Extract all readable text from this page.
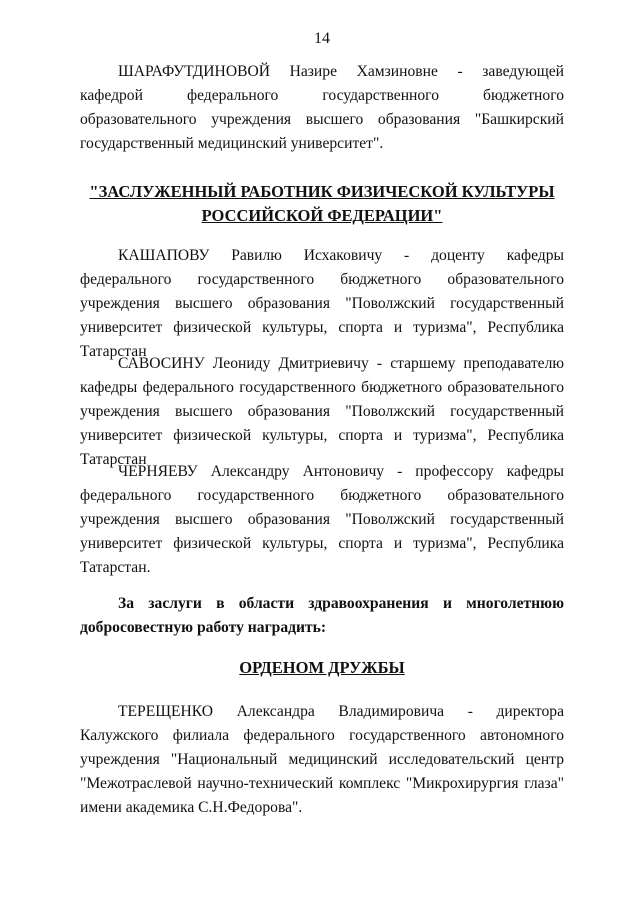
14

ШАРАФУТДИНОВОЙ Назире Хамзиновне - заведующей кафедрой федерального государственного бюджетного образовательного учреждения высшего образования "Башкирский государственный медицинский университет".

"ЗАСЛУЖЕННЫЙ РАБОТНИК ФИЗИЧЕСКОЙ КУЛЬТУРЫ
РОССИЙСКОЙ ФЕДЕРАЦИИ"

КАШАПОВУ Равилю Исхаковичу - доценту кафедры федерального государственного бюджетного образовательного учреждения высшего образования "Поволжский государственный университет физической культуры, спорта и туризма", Республика Татарстан

САВОСИНУ Леониду Дмитриевичу - старшему преподавателю кафедры федерального государственного бюджетного образовательного учреждения высшего образования "Поволжский государственный университет физической культуры, спорта и туризма", Республика Татарстан

ЧЕРНЯЕВУ Александру Антоновичу - профессору кафедры федерального государственного бюджетного образовательного учреждения высшего образования "Поволжский государственный университет физической культуры, спорта и туризма", Республика Татарстан.

За заслуги в области здравоохранения и многолетнюю добросовестную работу наградить:

ОРДЕНОМ ДРУЖБЫ

ТЕРЕЩЕНКО Александра Владимировича - директора Калужского филиала федерального государственного автономного учреждения "Национальный медицинский исследовательский центр "Межотраслевой научно-технический комплекс "Микрохирургия глаза" имени академика С.Н.Федорова".
